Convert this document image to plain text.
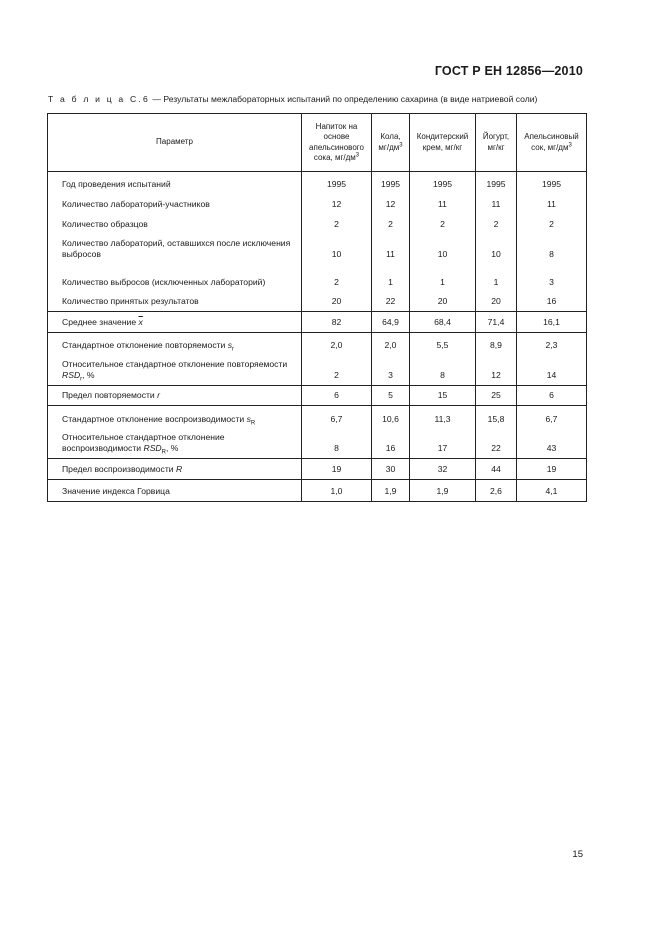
ГОСТ Р ЕН 12856—2010
Т а б л и ц а С.6 — Результаты межлабораторных испытаний по определению сахарина (в виде натриевой соли)
Параметр	Напиток на основе апельсинового сока, $мг/дм^3$	Кола, $мг/дм^3$	Кондитерский крем, мг/кг	Йогурт, мг/кг	Апельсиновый сок, $мг/дм^3$
Год проведения испытаний	1995	1995	1995	1995	1995
Количество лабораторий-участников	12	12	11	11	11
Количество образцов	2	2	2	2	2
Количество лабораторий, оставшихся после исключения выбросов	10	11	10	10	8
Количество выбросов (исключенных лабораторий)	2	1	1	1	3
Количество принятых результатов	20	22	20	20	16
Среднее значение $\overline{x}$	82	64,9	68,4	71,4	16,1
Стандартное отклонение повторяемости $s_r$	2,0	2,0	5,5	8,9	2,3
Относительное стандартное отклонение повторяемости $RSD_r$, %	2	3	8	12	14
Предел повторяемости r	6	5	15	25	6
Стандартное отклонение воспроизводимости $s_R$	6,7	10,6	11,3	15,8	6,7
Относительное стандартное отклонение воспроизводимости $RSD_R$, %	8	16	17	22	43
Предел воспроизводимости R	19	30	32	44	19
Значение индекса Горвица	1,0	1,9	1,9	2,6	4,1
15
